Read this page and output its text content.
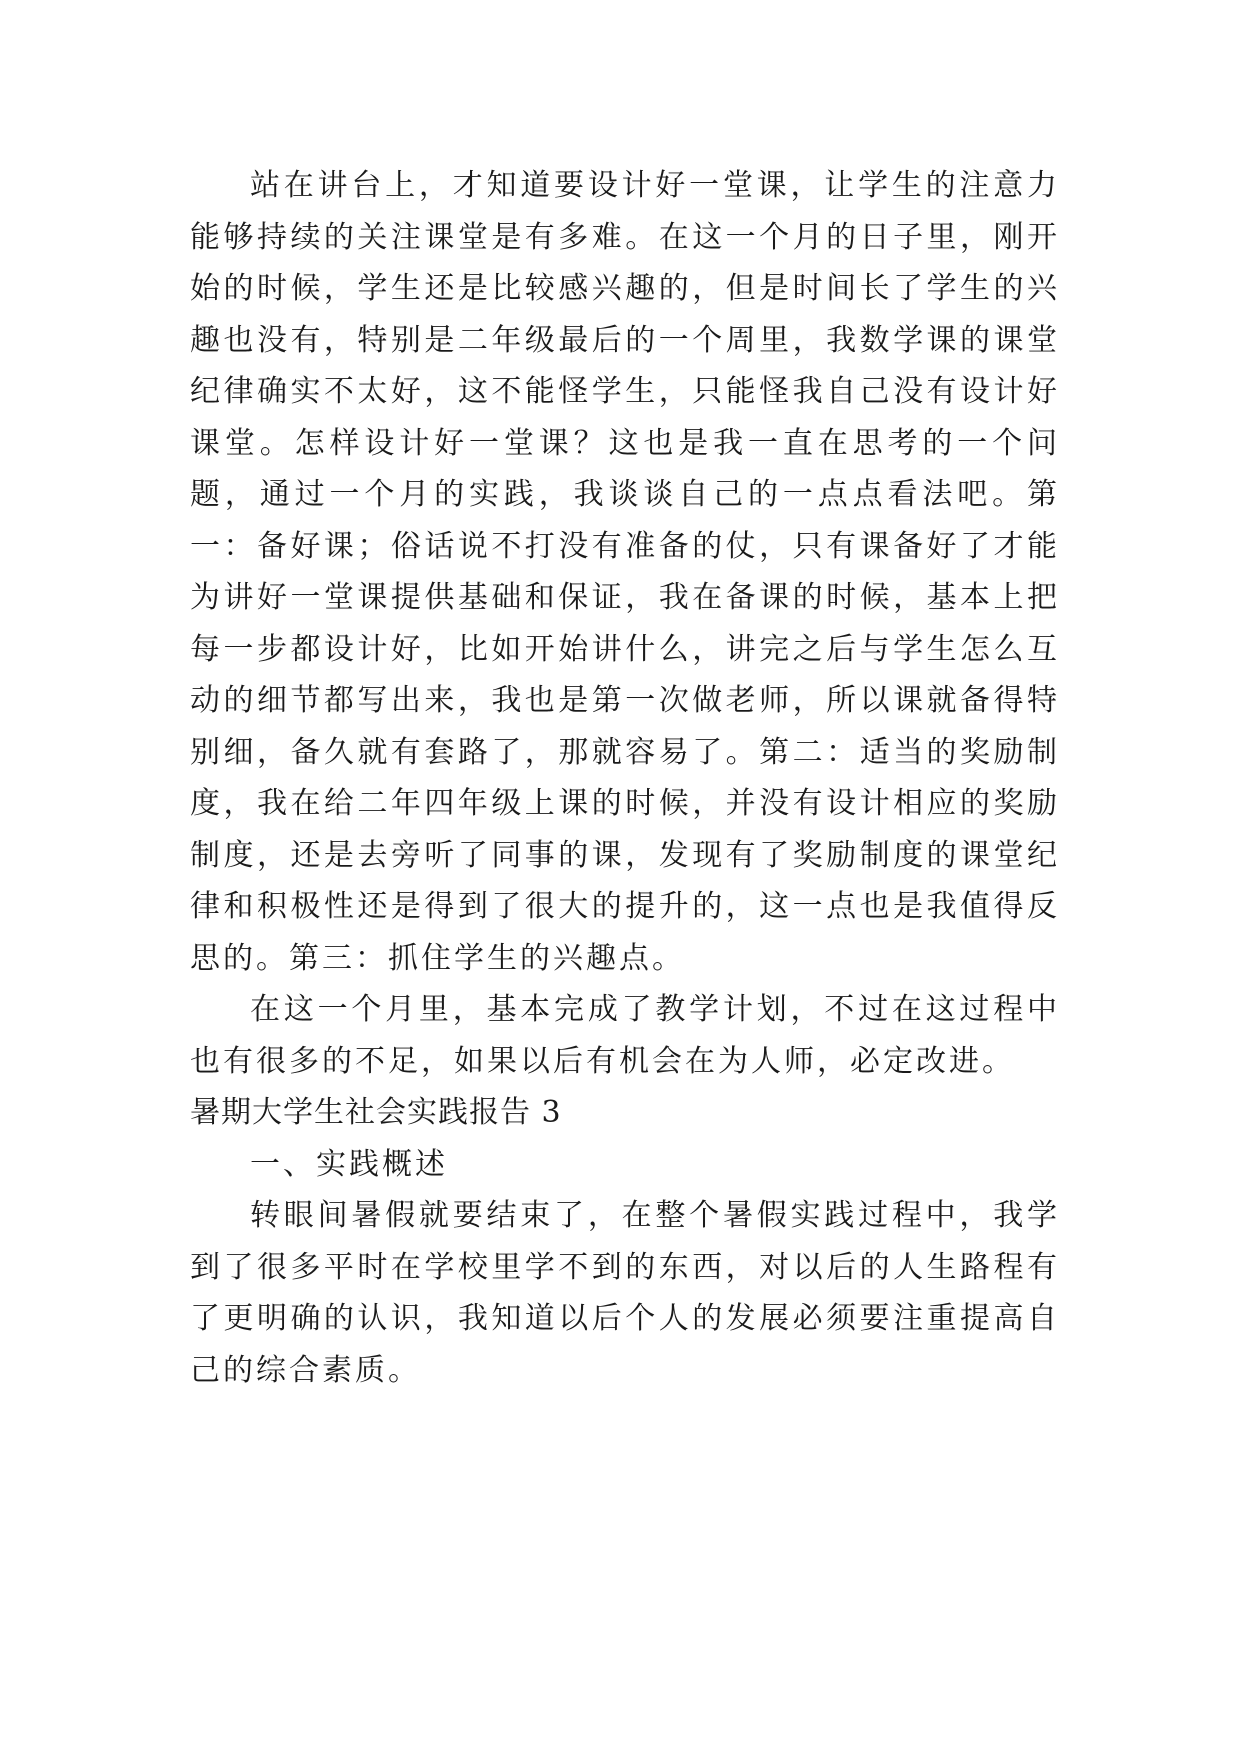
站在讲台上，才知道要设计好一堂课，让学生的注意力能够持续的关注课堂是有多难。在这一个月的日子里，刚开始的时候，学生还是比较感兴趣的，但是时间长了学生的兴趣也没有，特别是二年级最后的一个周里，我数学课的课堂纪律确实不太好，这不能怪学生，只能怪我自己没有设计好课堂。怎样设计好一堂课？这也是我一直在思考的一个问题，通过一个月的实践，我谈谈自己的一点点看法吧。第一：备好课；俗话说不打没有准备的仗，只有课备好了才能为讲好一堂课提供基础和保证，我在备课的时候，基本上把每一步都设计好，比如开始讲什么，讲完之后与学生怎么互动的细节都写出来，我也是第一次做老师，所以课就备得特别细，备久就有套路了，那就容易了。第二：适当的奖励制度，我在给二年四年级上课的时候，并没有设计相应的奖励制度，还是去旁听了同事的课，发现有了奖励制度的课堂纪律和积极性还是得到了很大的提升的，这一点也是我值得反思的。第三：抓住学生的兴趣点。

在这一个月里，基本完成了教学计划，不过在这过程中也有很多的不足，如果以后有机会在为人师，必定改进。

暑期大学生社会实践报告 3

一、实践概述

转眼间暑假就要结束了，在整个暑假实践过程中，我学到了很多平时在学校里学不到的东西，对以后的人生路程有了更明确的认识，我知道以后个人的发展必须要注重提高自己的综合素质。
